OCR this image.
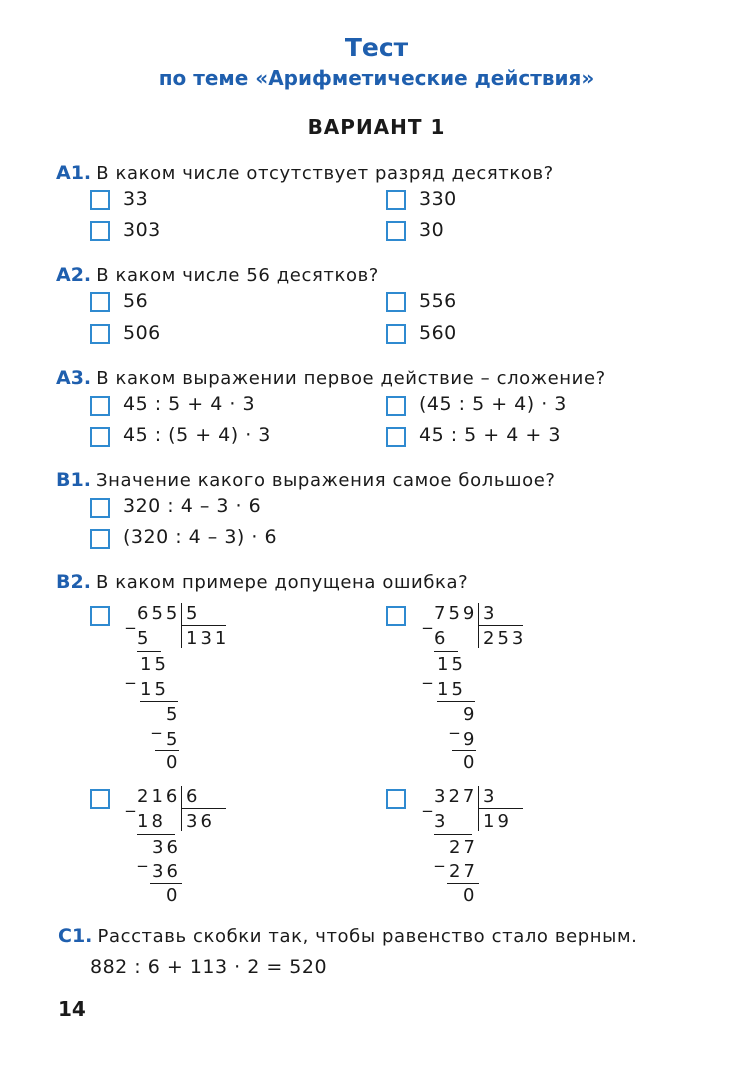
Тест
по теме «Арифметические действия»
ВАРИАНТ 1
A1. В каком числе отсутствует разряд десятков?
33	330
303	30
A2. В каком числе 56 десятков?
56	556
506	560
A3. В каком выражении первое действие – сложение?
45 : 5 + 4 · 3	(45 : 5 + 4) · 3
45 : (5 + 4) · 3	45 : 5 + 4 + 3
B1. Значение какого выражения самое большое?
320 : 4 – 3 · 6
(320 : 4 – 3) · 6
B2. В каком примере допущена ошибка?
_ 655 5
131
5
_ 15
15
_ 5
5
0
_ 759 3
253
6
_ 15
15
_ 9
9
0
_ 216 6
36
18
_ 36
36
0
_ 327 3
19
3
_ 27
27
0
C1. Расставь скобки так, чтобы равенство стало верным.
882 : 6 + 113 · 2 = 520
14
